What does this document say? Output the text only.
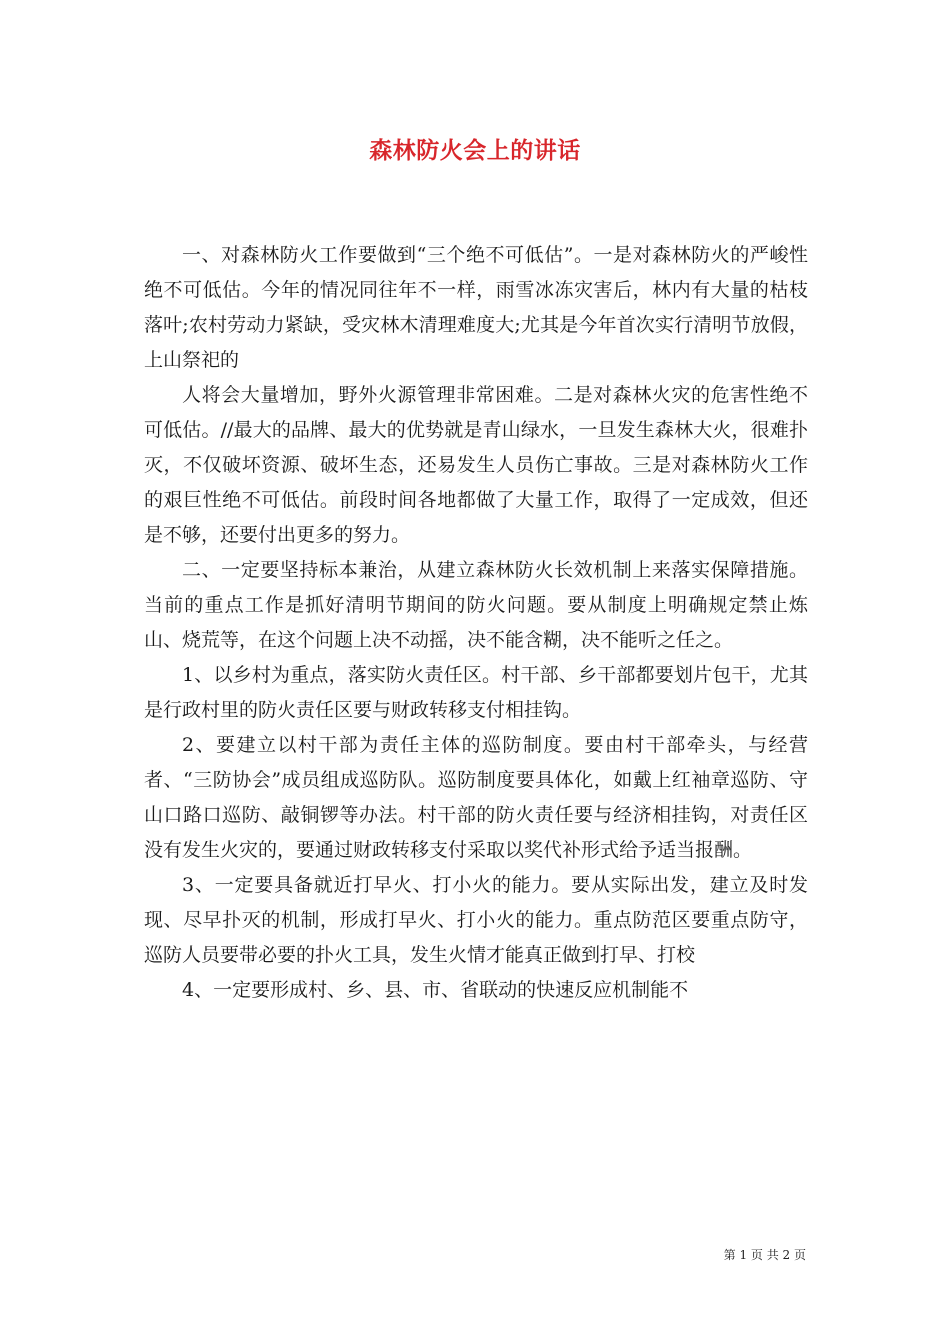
森林防火会上的讲话

一、对森林防火工作要做到“三个绝不可低估”。一是对森林防火的严峻性绝不可低估。今年的情况同往年不一样，雨雪冰冻灾害后，林内有大量的枯枝落叶;农村劳动力紧缺，受灾林木清理难度大;尤其是今年首次实行清明节放假，上山祭祀的

人将会大量增加，野外火源管理非常困难。二是对森林火灾的危害性绝不可低估。//最大的品牌、最大的优势就是青山绿水，一旦发生森林大火，很难扑灭，不仅破坏资源、破坏生态，还易发生人员伤亡事故。三是对森林防火工作的艰巨性绝不可低估。前段时间各地都做了大量工作，取得了一定成效，但还是不够，还要付出更多的努力。

二、一定要坚持标本兼治，从建立森林防火长效机制上来落实保障措施。当前的重点工作是抓好清明节期间的防火问题。要从制度上明确规定禁止炼山、烧荒等，在这个问题上决不动摇，决不能含糊，决不能听之任之。

1、以乡村为重点，落实防火责任区。村干部、乡干部都要划片包干，尤其是行政村里的防火责任区要与财政转移支付相挂钩。

2、要建立以村干部为责任主体的巡防制度。要由村干部牵头，与经营者、“三防协会”成员组成巡防队。巡防制度要具体化，如戴上红袖章巡防、守山口路口巡防、敲铜锣等办法。村干部的防火责任要与经济相挂钩，对责任区没有发生火灾的，要通过财政转移支付采取以奖代补形式给予适当报酬。

3、一定要具备就近打早火、打小火的能力。要从实际出发，建立及时发现、尽早扑灭的机制，形成打早火、打小火的能力。重点防范区要重点防守，巡防人员要带必要的扑火工具，发生火情才能真正做到打早、打校

4、一定要形成村、乡、县、市、省联动的快速反应机制能不

第 1 页 共 2 页
